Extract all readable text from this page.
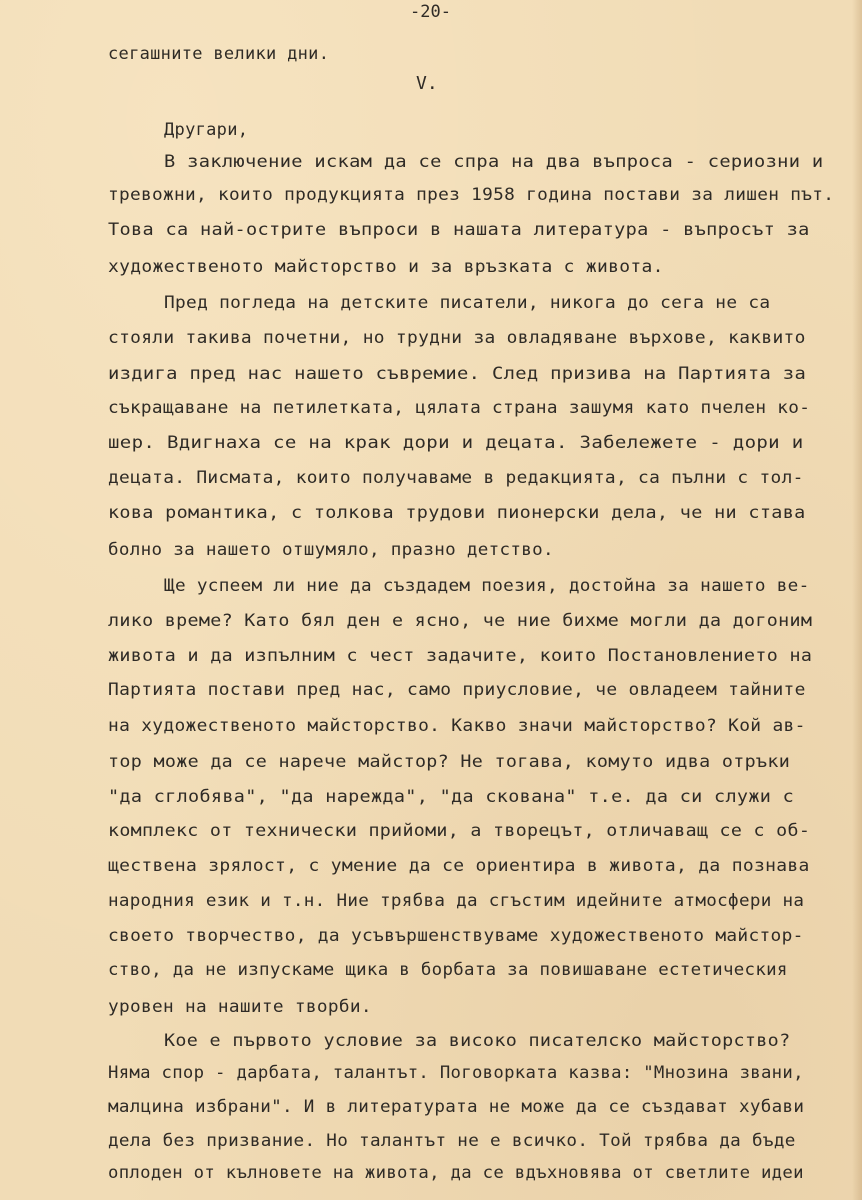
-20-
V.
сегашните велики дни.
Другари,
В заключение искам да се спра на два въпроса - сериозни и
тревожни, които продукцията през 1958 година постави за лишен път.
Това са най-острите въпроси в нашата литература - въпросът за
художественото майсторство и за връзката с живота.
Пред погледа на детските писатели, никога до сега не са
стояли такива почетни, но трудни за овладяване върхове, каквито
издига пред нас нашето съвремие. След призива на Партията за
съкращаване на петилетката, цялата страна зашумя като пчелен ко-
шер. Вдигнаха се на крак дори и децата. Забележете - дори и
децата. Писмата, които получаваме в редакцията, са пълни с тол-
кова романтика, с толкова трудови пионерски дела, че ни става
болно за нашето отшумяло, празно детство.
Ще успеем ли ние да създадем поезия, достойна за нашето ве-
лико време? Като бял ден е ясно, че ние бихме могли да догоним
живота и да изпълним с чест задачите, които Постановлението на
Партията постави пред нас, само приусловие, че овладеем тайните
на художественото майсторство. Какво значи майсторство? Кой ав-
тор може да се нарече майстор? Не тогава, комуто идва отръки
"да сглобява", "да нарежда", "да скована" т.е. да си служи с
комплекс от технически прийоми, а творецът, отличаващ се с об-
ществена зрялост, с умение да се ориентира в живота, да познава
народния език и т.н. Ние трябва да сгъстим идейните атмосфери на
своето творчество, да усъвършенствуваме художественото майстор-
ство, да не изпускаме щика в борбата за повишаване естетическия
уровен на нашите творби.
Кое е първото условие за високо писателско майсторство?
Няма спор - дарбата, талантът. Поговорката казва: "Мнозина звани,
малцина избрани". И в литературата не може да се създават хубави
дела без призвание. Но талантът не е всичко. Той трябва да бъде
оплоден от кълновете на живота, да се вдъхновява от светлите идеи
